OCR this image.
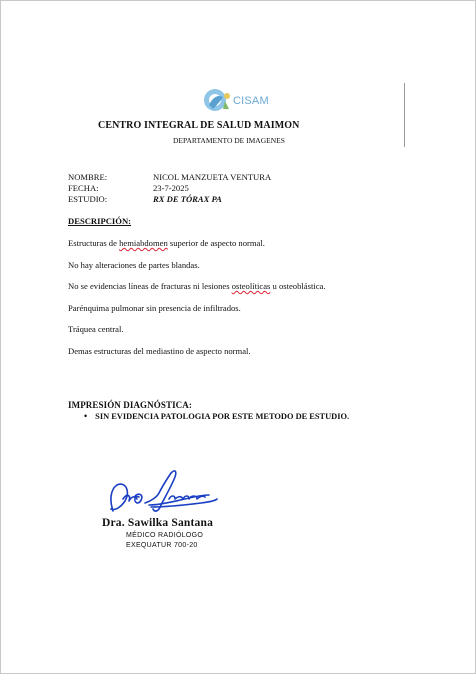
CISAM
CENTRO INTEGRAL DE SALUD MAIMON
DEPARTAMENTO DE IMAGENES
NOMBRE:	NICOL MANZUETA VENTURA
FECHA:	23-7-2025
ESTUDIO:	RX DE TÓRAX PA
DESCRIPCIÓN:

Estructuras de hemiabdomen superior de aspecto normal.

No hay alteraciones de partes blandas.

No se evidencias líneas de fracturas ni lesiones osteolíticas u osteoblástica.

Parénquima pulmonar sin presencia de infiltrados.

Tráquea central.

Demas estructuras del mediastino de aspecto normal.

IMPRESIÓN DIAGNÓSTICA:
• SIN EVIDENCIA PATOLOGIA POR ESTE METODO DE ESTUDIO.
Dra. Sawilka Santana
MÉDICO RADIÓLOGO
EXEQUATUR 700-20
